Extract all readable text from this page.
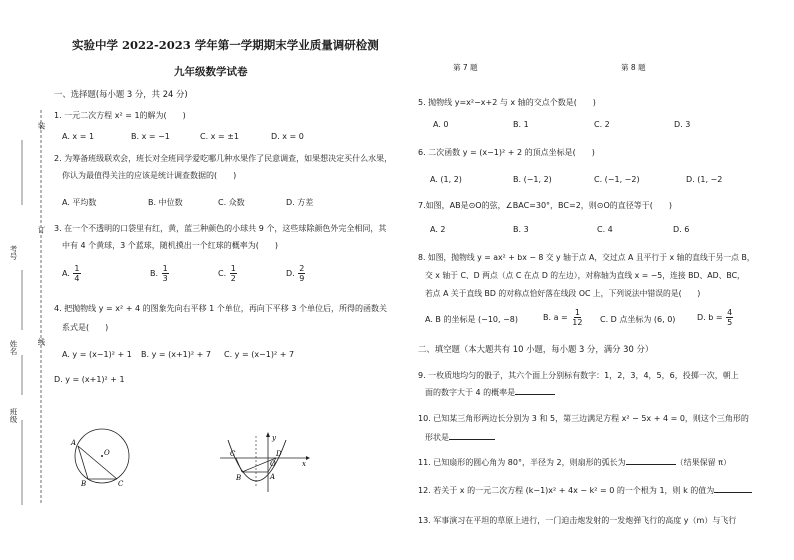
班级
姓名
考号
订
装
线
实验中学 2022-2023 学年第一学期期末学业质量调研检测
九年级数学试卷
一、选择题(每小题 3 分，共 24 分)
1. 一元二次方程 x² = 1的解为(　　)
A. x = 1	B. x = −1	C. x = ±1	D. x = 0
2. 为筹备班级联欢会，班长对全班同学爱吃哪几种水果作了民意调查，如果想决定买什么水果，
你认为最值得关注的应该是统计调查数据的(　　)
A. 平均数	B. 中位数	C. 众数	D. 方差
3. 在一个不透明的口袋里有红，黄，蓝三种颜色的小球共 9 个，这些球除颜色外完全相同，其
中有 4 个黄球，3 个蓝球，随机摸出一个红球的概率为(　　)
A. $\frac{1}{4}$	B. $\frac{1}{3}$	C. $\frac{1}{2}$	D. $\frac{2}{9}$
4. 把抛物线 y = x² + 4 的图象先向右平移 1 个单位，再向下平移 3 个单位后，所得的函数关
系式是(　　)
A. y = (x−1)² + 1 B. y = (x+1)² + 7 C. y = (x−1)² + 7
D. y = (x+1)² + 1
A
O
B	C
C	D
O
B	A
x
y
第 7 题	第 8 题
5. 抛物线 y=x²−x+2 与 x 轴的交点个数是(　　)
A. 0	B. 1	C. 2	D. 3
6. 二次函数 y = (x−1)² + 2 的顶点坐标是(　　)
A. (1, 2)	B. (−1, 2)	C. (−1, −2)	D. (1, −2
7.如图，AB是⊙O的弦，∠BAC=30°，BC=2，则⊙O的直径等于(　　)
A. 2	B. 3	C. 4	D. 6
8. 如图，抛物线 y = ax² + bx − 8 交 y 轴于点 A，交过点 A 且平行于 x 轴的直线于另一点 B，
交 x 轴于 C、D 两点（点 C 在点 D 的左边），对称轴为直线 x = −5，连接 BD、AD、BC，
若点 A 关于直线 BD 的对称点恰好落在线段 OC 上，下列说法中错误的是(　　)
A. B 的坐标是 (−10, −8)	B. $a = \frac{1}{12} C$. D 点坐标为 (6, 0)	D. $b = \frac{4}{5}$
二、填空题（本大题共有 10 小题，每小题 3 分，满分 30 分）
9. 一枚质地均匀的骰子，其六个面上分别标有数字：1，2，3，4，5，6，投掷一次，朝上
面的数字大于 4 的概率是
10. 已知某三角形两边长分别为 3 和 5，第三边满足方程 x² − 5x + 4 = 0，则这个三角形的
形状是
11. 已知扇形的圆心角为 80°，半径为 2，则扇形的弧长为	（结果保留 π）
12. 若关于 x 的一元二次方程 (k−1)x² + 4x − k² = 0 的一个根为 1，则 k 的值为
13. 军事演习在平坦的草原上进行，一门迫击炮发射的一发炮弹飞行的高度 y（m）与飞行
